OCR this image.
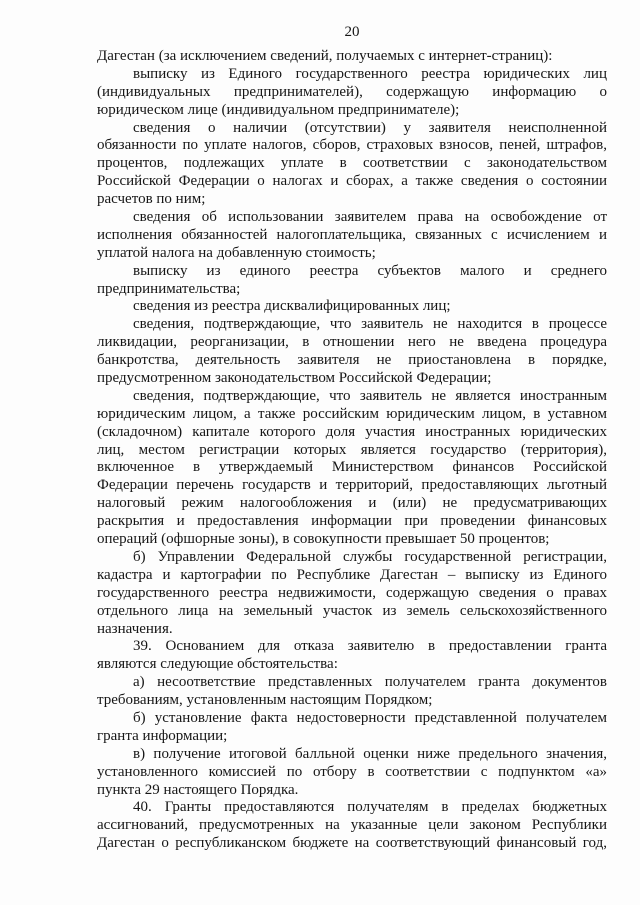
20
Дагестан (за исключением сведений, получаемых с интернет-страниц):
выписку из Единого государственного реестра юридических лиц
(индивидуальных предпринимателей), содержащую информацию о
юридическом лице (индивидуальном предпринимателе);
сведения о наличии (отсутствии) у заявителя неисполненной
обязанности по уплате налогов, сборов, страховых взносов, пеней, штрафов,
процентов, подлежащих уплате в соответствии с законодательством
Российской Федерации о налогах и сборах, а также сведения о состоянии
расчетов по ним;
сведения об использовании заявителем права на освобождение от
исполнения обязанностей налогоплательщика, связанных с исчислением и
уплатой налога на добавленную стоимость;
выписку из единого реестра субъектов малого и среднего
предпринимательства;
сведения из реестра дисквалифицированных лиц;
сведения, подтверждающие, что заявитель не находится в процессе
ликвидации, реорганизации, в отношении него не введена процедура
банкротства, деятельность заявителя не приостановлена в порядке,
предусмотренном законодательством Российской Федерации;
сведения, подтверждающие, что заявитель не является иностранным
юридическим лицом, а также российским юридическим лицом, в уставном
(складочном) капитале которого доля участия иностранных юридических
лиц, местом регистрации которых является государство (территория),
включенное в утверждаемый Министерством финансов Российской
Федерации перечень государств и территорий, предоставляющих льготный
налоговый режим налогообложения и (или) не предусматривающих
раскрытия и предоставления информации при проведении финансовых
операций (офшорные зоны), в совокупности превышает 50 процентов;
б) Управлении Федеральной службы государственной регистрации,
кадастра и картографии по Республике Дагестан – выписку из Единого
государственного реестра недвижимости, содержащую сведения о правах
отдельного лица на земельный участок из земель сельскохозяйственного
назначения.
39. Основанием для отказа заявителю в предоставлении гранта
являются следующие обстоятельства:
а) несоответствие представленных получателем гранта документов
требованиям, установленным настоящим Порядком;
б) установление факта недостоверности представленной получателем
гранта информации;
в) получение итоговой балльной оценки ниже предельного значения,
установленного комиссией по отбору в соответствии с подпунктом «а»
пункта 29 настоящего Порядка.
40. Гранты предоставляются получателям в пределах бюджетных
ассигнований, предусмотренных на указанные цели законом Республики
Дагестан о республиканском бюджете на соответствующий финансовый год,
